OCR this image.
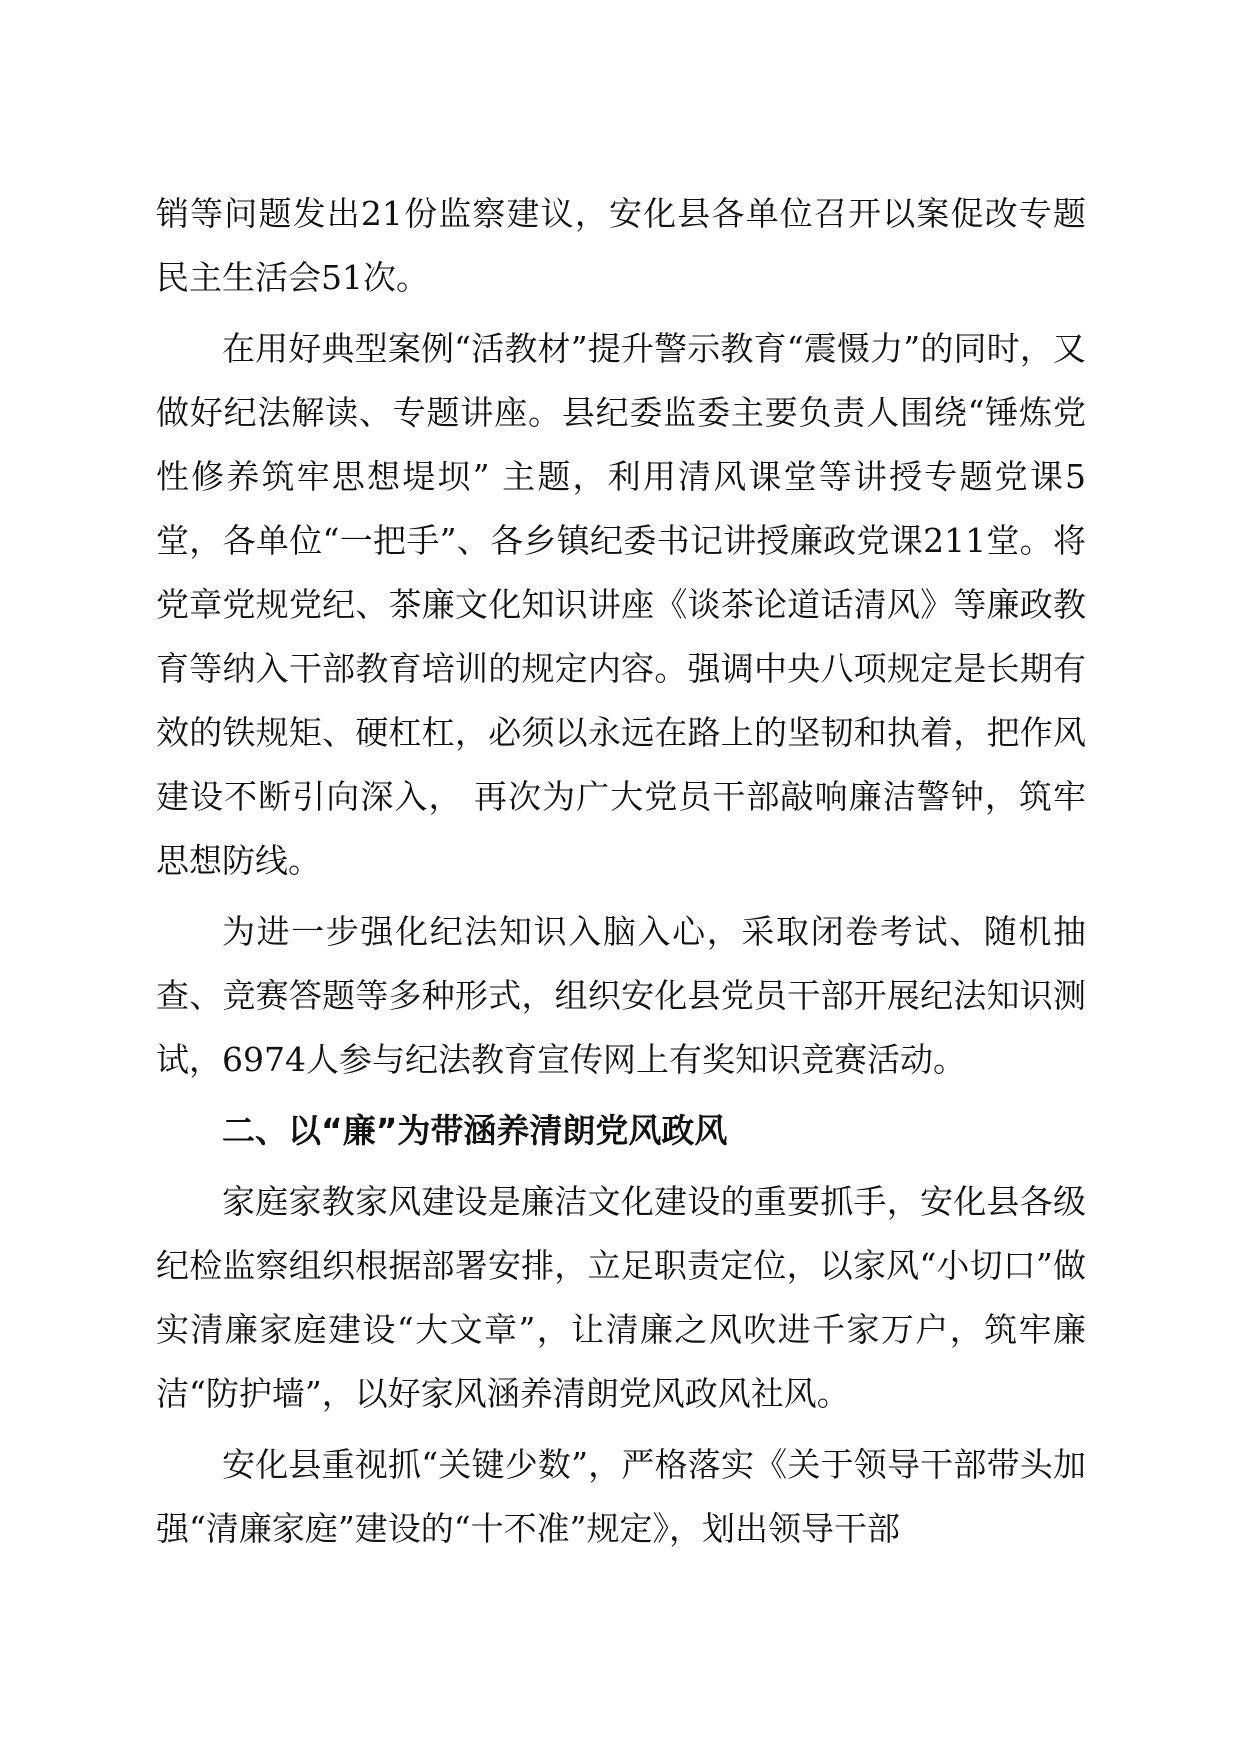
销等问题发出21份监察建议，安化县各单位召开以案促改专题民主生活会51次。

在用好典型案例“活教材”提升警示教育“震慑力”的同时，又做好纪法解读、专题讲座。县纪委监委主要负责人围绕“锤炼党性修养筑牢思想堤坝” 主题，利用清风课堂等讲授专题党课5堂，各单位“一把手”、各乡镇纪委书记讲授廉政党课211堂。将党章党规党纪、茶廉文化知识讲座《谈茶论道话清风》等廉政教育等纳入干部教育培训的规定内容。强调中央八项规定是长期有效的铁规矩、硬杠杠，必须以永远在路上的坚韧和执着，把作风建设不断引向深入， 再次为广大党员干部敲响廉洁警钟，筑牢思想防线。

为进一步强化纪法知识入脑入心，采取闭卷考试、随机抽查、竞赛答题等多种形式，组织安化县党员干部开展纪法知识测试，6974人参与纪法教育宣传网上有奖知识竞赛活动。

二、以“廉”为带涵养清朗党风政风

家庭家教家风建设是廉洁文化建设的重要抓手，安化县各级纪检监察组织根据部署安排，立足职责定位，以家风“小切口”做实清廉家庭建设“大文章”，让清廉之风吹进千家万户，筑牢廉洁“防护墙”，以好家风涵养清朗党风政风社风。

安化县重视抓“关键少数”，严格落实《关于领导干部带头加强“清廉家庭”建设的“十不准”规定》，划出领导干部
